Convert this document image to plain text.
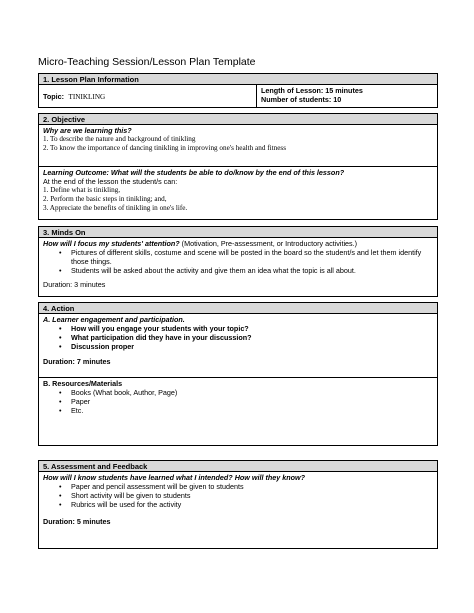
Micro-Teaching Session/Lesson Plan Template
1. Lesson Plan Information
Topic: TINIKLING
Length of Lesson: 15 minutes
Number of students: 10
2. Objective
Why are we learning this?
1. To describe the nature and background of tinikling
2. To know the importance of dancing tinikling in improving one's health and fitness
Learning Outcome: What will the students be able to do/know by the end of this lesson?
At the end of the lesson the student/s can:
1. Define what is tinikling,
2. Perform the basic steps in tinikling; and,
3. Appreciate the benefits of tinikling in one's life.
3. Minds On
How will I focus my students' attention? (Motivation, Pre-assessment, or Introductory activities.)
• Pictures of different skills, costume and scene will be posted in the board so the student/s and let them identify those things.
• Students will be asked about the activity and give them an idea what the topic is all about.
Duration: 3 minutes
4. Action
A. Learner engagement and participation.
• How will you engage your students with your topic?
• What participation did they have in your discussion?
• Discussion proper
Duration: 7 minutes
B. Resources/Materials
• Books (What book, Author, Page)
• Paper
• Etc.
5. Assessment and Feedback
How will I know students have learned what I intended? How will they know?
• Paper and pencil assessment will be given to students
• Short activity will be given to students
• Rubrics will be used for the activity
Duration: 5 minutes
